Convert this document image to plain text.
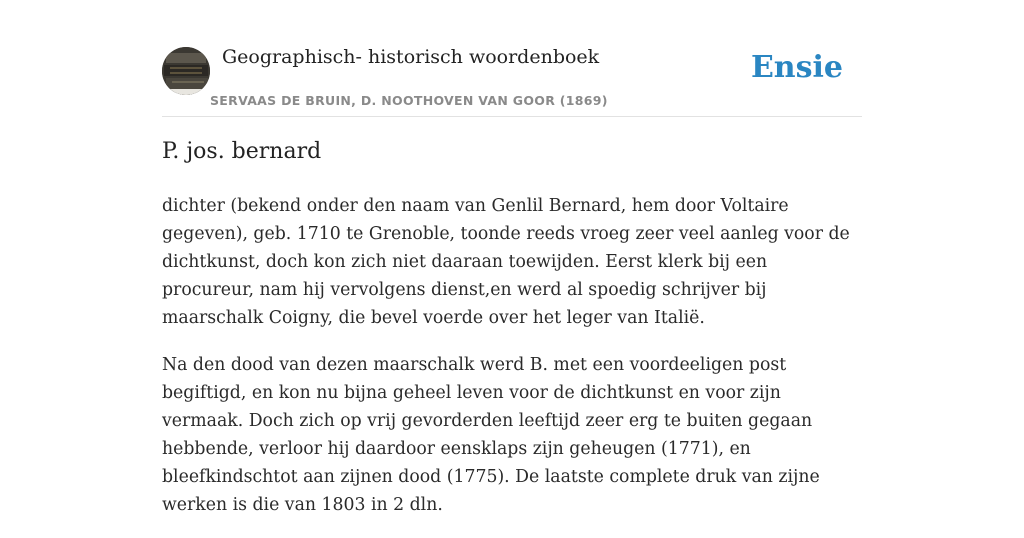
Geographisch- historisch woordenboek
SERVAAS DE BRUIN, D. NOOTHOVEN VAN GOOR (1869)
Ensie
P. jos. bernard

dichter (bekend onder den naam van Genlil Bernard, hem door Voltaire gegeven), geb. 1710 te Grenoble, toonde reeds vroeg zeer veel aanleg voor de dichtkunst, doch kon zich niet daaraan toewijden. Eerst klerk bij een procureur, nam hij vervolgens dienst,en werd al spoedig schrijver bij maarschalk Coigny, die bevel voerde over het leger van Italië.

Na den dood van dezen maarschalk werd B. met een voordeeligen post begiftigd, en kon nu bijna geheel leven voor de dichtkunst en voor zijn vermaak. Doch zich op vrij gevorderden leeftijd zeer erg te buiten gegaan hebbende, verloor hij daardoor eensklaps zijn geheugen (1771), en bleefkindschtot aan zijnen dood (1775). De laatste complete druk van zijne werken is die van 1803 in 2 dln.
